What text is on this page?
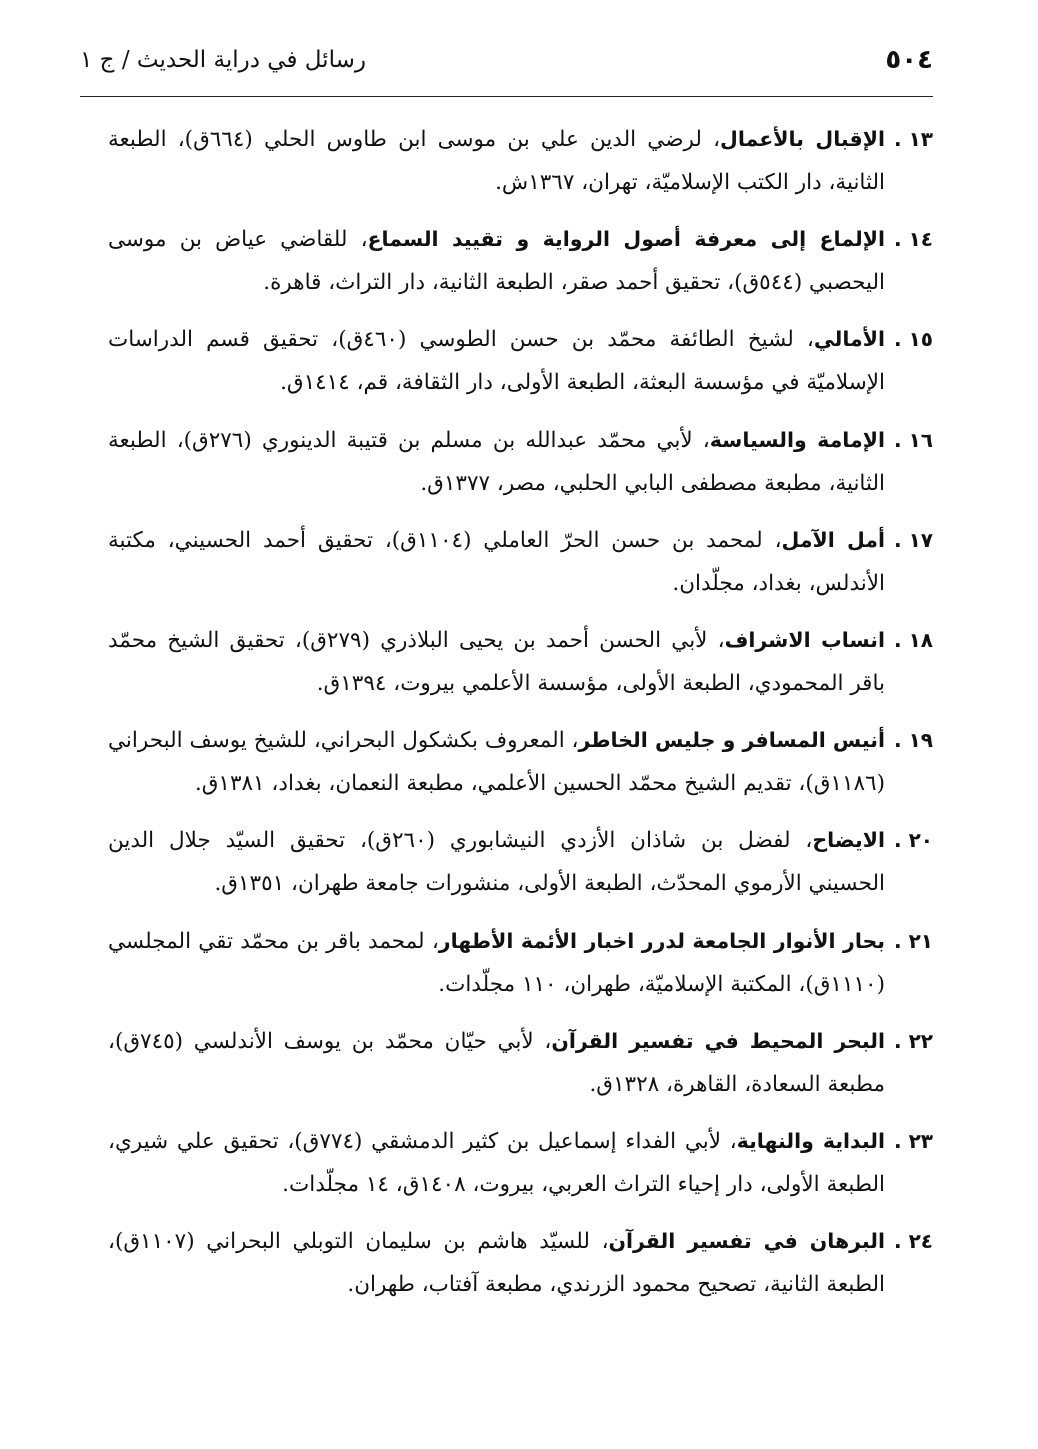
٥٠٤
رسائل في دراية الحديث / ج ١
١٣ .
الإقبال بالأعمال، لرضي الدين علي بن موسى ابن طاوس الحلي (٦٦٤ق)، الطبعة الثانية، دار الكتب الإسلاميّة، تهران، ١٣٦٧ش.
١٤ .
الإلماع إلى معرفة أصول الرواية و تقييد السماع، للقاضي عياض بن موسى اليحصبي (٥٤٤ق)، تحقيق أحمد صقر، الطبعة الثانية، دار التراث، قاهرة.
١٥ .
الأمالي، لشيخ الطائفة محمّد بن حسن الطوسي (٤٦٠ق)، تحقيق قسم الدراسات الإسلاميّة في مؤسسة البعثة، الطبعة الأولى، دار الثقافة، قم، ١٤١٤ق.
١٦ .
الإمامة والسياسة، لأبي محمّد عبدالله بن مسلم بن قتيبة الدينوري (٢٧٦ق)، الطبعة الثانية، مطبعة مصطفى البابي الحلبي، مصر، ١٣٧٧ق.
١٧ .
أمل الآمل، لمحمد بن حسن الحرّ العاملي (١١٠٤ق)، تحقيق أحمد الحسيني، مكتبة الأندلس، بغداد، مجلّدان.
١٨ .
انساب الاشراف، لأبي الحسن أحمد بن يحيى البلاذري (٢٧٩ق)، تحقيق الشيخ محمّد باقر المحمودي، الطبعة الأولى، مؤسسة الأعلمي بيروت، ١٣٩٤ق.
١٩ .
أنيس المسافر و جليس الخاطر، المعروف بكشكول البحراني، للشيخ يوسف البحراني (١١٨٦ق)، تقديم الشيخ محمّد الحسين الأعلمي، مطبعة النعمان، بغداد، ١٣٨١ق.
٢٠ .
الايضاح، لفضل بن شاذان الأزدي النيشابوري (٢٦٠ق)، تحقيق السيّد جلال الدين الحسيني الأرموي المحدّث، الطبعة الأولى، منشورات جامعة طهران، ١٣٥١ق.
٢١ .
بحار الأنوار الجامعة لدرر اخبار الأئمة الأطهار، لمحمد باقر بن محمّد تقي المجلسي (١١١٠ق)، المكتبة الإسلاميّة، طهران، ١١٠ مجلّدات.
٢٢ .
البحر المحيط في تفسير القرآن، لأبي حيّان محمّد بن يوسف الأندلسي (٧٤٥ق)، مطبعة السعادة، القاهرة، ١٣٢٨ق.
٢٣ .
البداية والنهاية، لأبي الفداء إسماعيل بن كثير الدمشقي (٧٧٤ق)، تحقيق علي شيري، الطبعة الأولى، دار إحياء التراث العربي، بيروت، ١٤٠٨ق، ١٤ مجلّدات.
٢٤ .
البرهان في تفسير القرآن، للسيّد هاشم بن سليمان التوبلي البحراني (١١٠٧ق)، الطبعة الثانية، تصحيح محمود الزرندي، مطبعة آفتاب، طهران.
